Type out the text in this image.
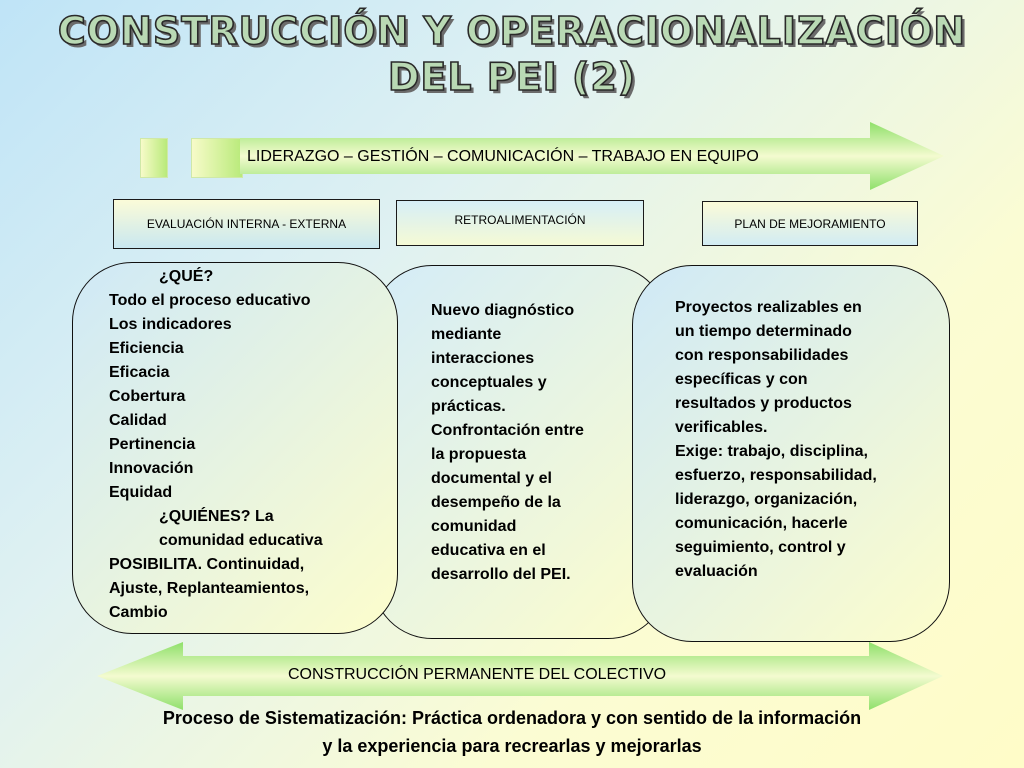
CONSTRUCCIÓN Y OPERACIONALIZACIÓN
DEL PEI (2)
LIDERAZGO – GESTIÓN – COMUNICACIÓN – TRABAJO EN EQUIPO
EVALUACIÓN INTERNA - EXTERNA	RETROALIMENTACIÓN	PLAN DE MEJORAMIENTO
Nuevo diagnóstico
mediante
interacciones
conceptuales y
prácticas.
Confrontación entre
la propuesta
documental y el
desempeño de la
comunidad
educativa en el
desarrollo del PEI.
¿QUÉ?
Todo el proceso educativo
Los indicadores
Eficiencia
Eficacia
Cobertura
Calidad
Pertinencia
Innovación
Equidad
¿QUIÉNES? La
comunidad educativa
POSIBILITA. Continuidad,
Ajuste, Replanteamientos,
Cambio
Proyectos realizables en
un tiempo determinado
con responsabilidades
específicas y con
resultados y productos
verificables.
Exige: trabajo, disciplina,
esfuerzo, responsabilidad,
liderazgo, organización,
comunicación, hacerle
seguimiento, control y
evaluación
CONSTRUCCIÓN PERMANENTE DEL COLECTIVO
Proceso de Sistematización: Práctica ordenadora y con sentido de la información
y la experiencia para recrearlas y mejorarlas
